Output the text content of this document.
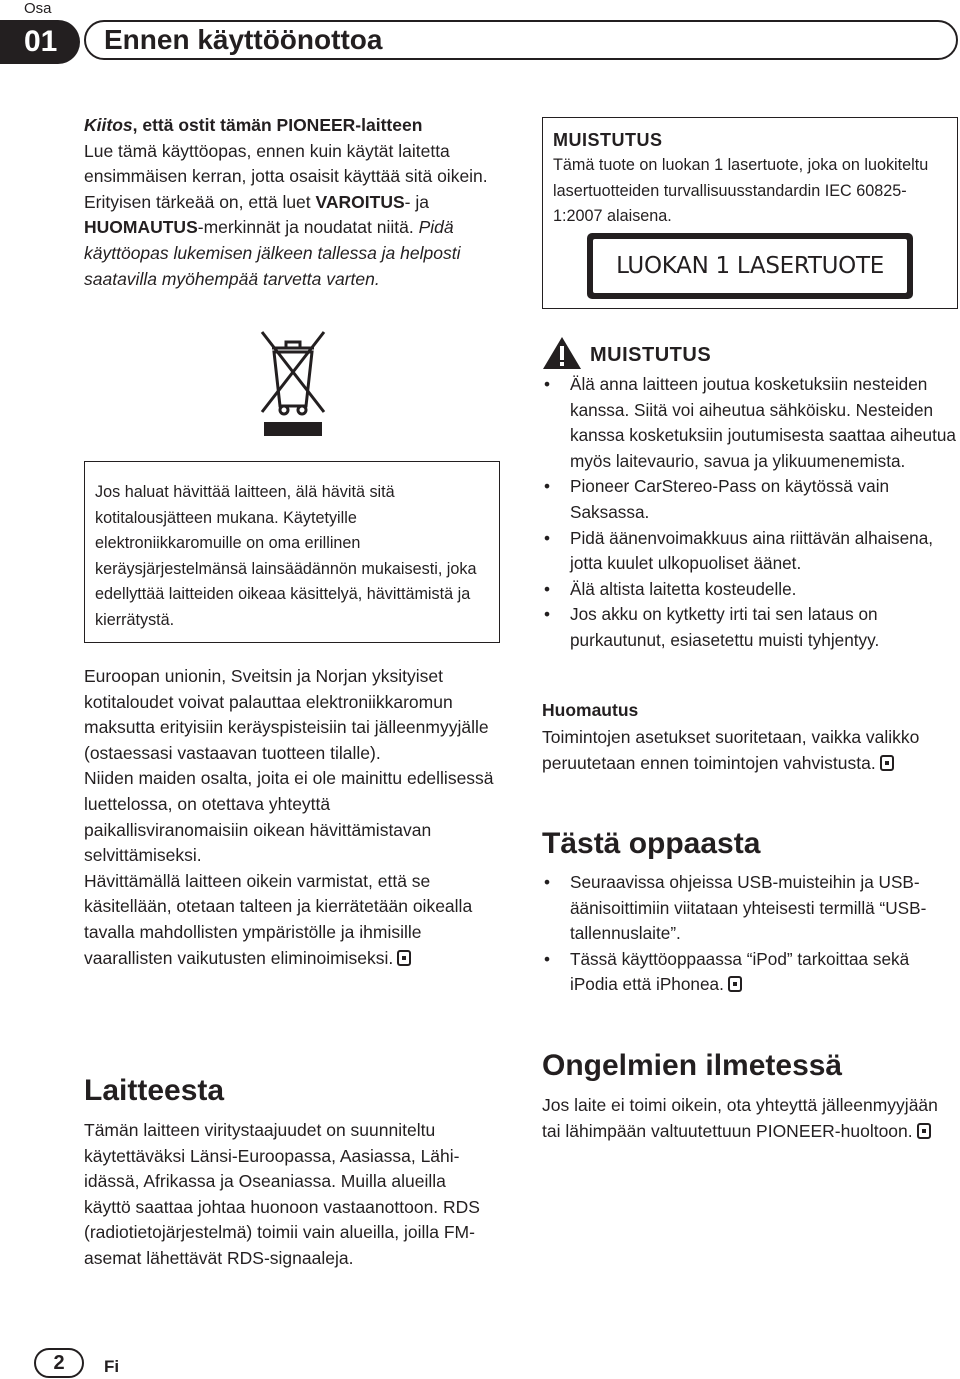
Osa
01	Ennen käyttöönottoa

Kiitos, että ostit tämän PIONEER-laitteen

Lue tämä käyttöopas, ennen kuin käytät laitetta ensimmäisen kerran, jotta osaisit käyttää sitä oikein. Erityisen tärkeää on, että luet VAROITUS- ja HUOMAUTUS-merkinnät ja noudatat niitä. Pidä käyttöopas lukemisen jälkeen tallessa ja helposti saatavilla myöhempää tarvetta varten.

Jos haluat hävittää laitteen, älä hävitä sitä kotitalousjätteen mukana. Käytetyille elektroniikkaromuille on oma erillinen keräysjärjestelmänsä lainsäädännön mukaisesti, joka edellyttää laitteiden oikeaa käsittelyä, hävittämistä ja kierrätystä.

Euroopan unionin, Sveitsin ja Norjan yksityiset kotitaloudet voivat palauttaa elektroniikkaromun maksutta erityisiin keräyspisteisiin tai jälleenmyyjälle (ostaessasi vastaavan tuotteen tilalle).

Niiden maiden osalta, joita ei ole mainittu edellisessä luettelossa, on otettava yhteyttä paikallisviranomaisiin oikean hävittämistavan selvittämiseksi.

Hävittämällä laitteen oikein varmistat, että se käsitellään, otetaan talteen ja kierrätetään oikealla tavalla mahdollisten ympäristölle ja ihmisille vaarallisten vaikutusten eliminoimiseksi.

Laitteesta
Tämän laitteen viritystaajuudet on suunniteltu käytettäväksi Länsi-Euroopassa, Aasiassa, Lähi-idässä, Afrikassa ja Oseaniassa. Muilla alueilla käyttö saattaa johtaa huonoon vastaanottoon. RDS (radiotietojärjestelmä) toimii vain alueilla, joilla FM-asemat lähettävät RDS-signaaleja.
MUISTUTUS
Tämä tuote on luokan 1 lasertuote, joka on luokiteltu lasertuotteiden turvallisuusstandardin IEC 60825-1:2007 alaisena.
LUOKAN 1 LASERTUOTE
MUISTUTUS
• Älä anna laitteen joutua kosketuksiin nesteiden kanssa. Siitä voi aiheutua sähköisku. Nesteiden kanssa kosketuksiin joutumisesta saattaa aiheutua myös laitevaurio, savua ja ylikuumenemista.
• Pioneer CarStereo-Pass on käytössä vain Saksassa.
• Pidä äänenvoimakkuus aina riittävän alhaisena, jotta kuulet ulkopuoliset äänet.
• Älä altista laitetta kosteudelle.
• Jos akku on kytketty irti tai sen lataus on purkautunut, esiasetettu muisti tyhjentyy.
Huomautus
Toimintojen asetukset suoritetaan, vaikka valikko peruutetaan ennen toimintojen vahvistusta.
Tästä oppaasta
• Seuraavissa ohjeissa USB-muisteihin ja USB-äänisoittimiin viitataan yhteisesti termillä “USB-tallennuslaite”.
• Tässä käyttöoppaassa “iPod” tarkoittaa sekä iPodia että iPhonea.
Ongelmien ilmetessä
Jos laite ei toimi oikein, ota yhteyttä jälleenmyyjään tai lähimpään valtuutettuun PIONEER-huoltoon.
2	Fi
